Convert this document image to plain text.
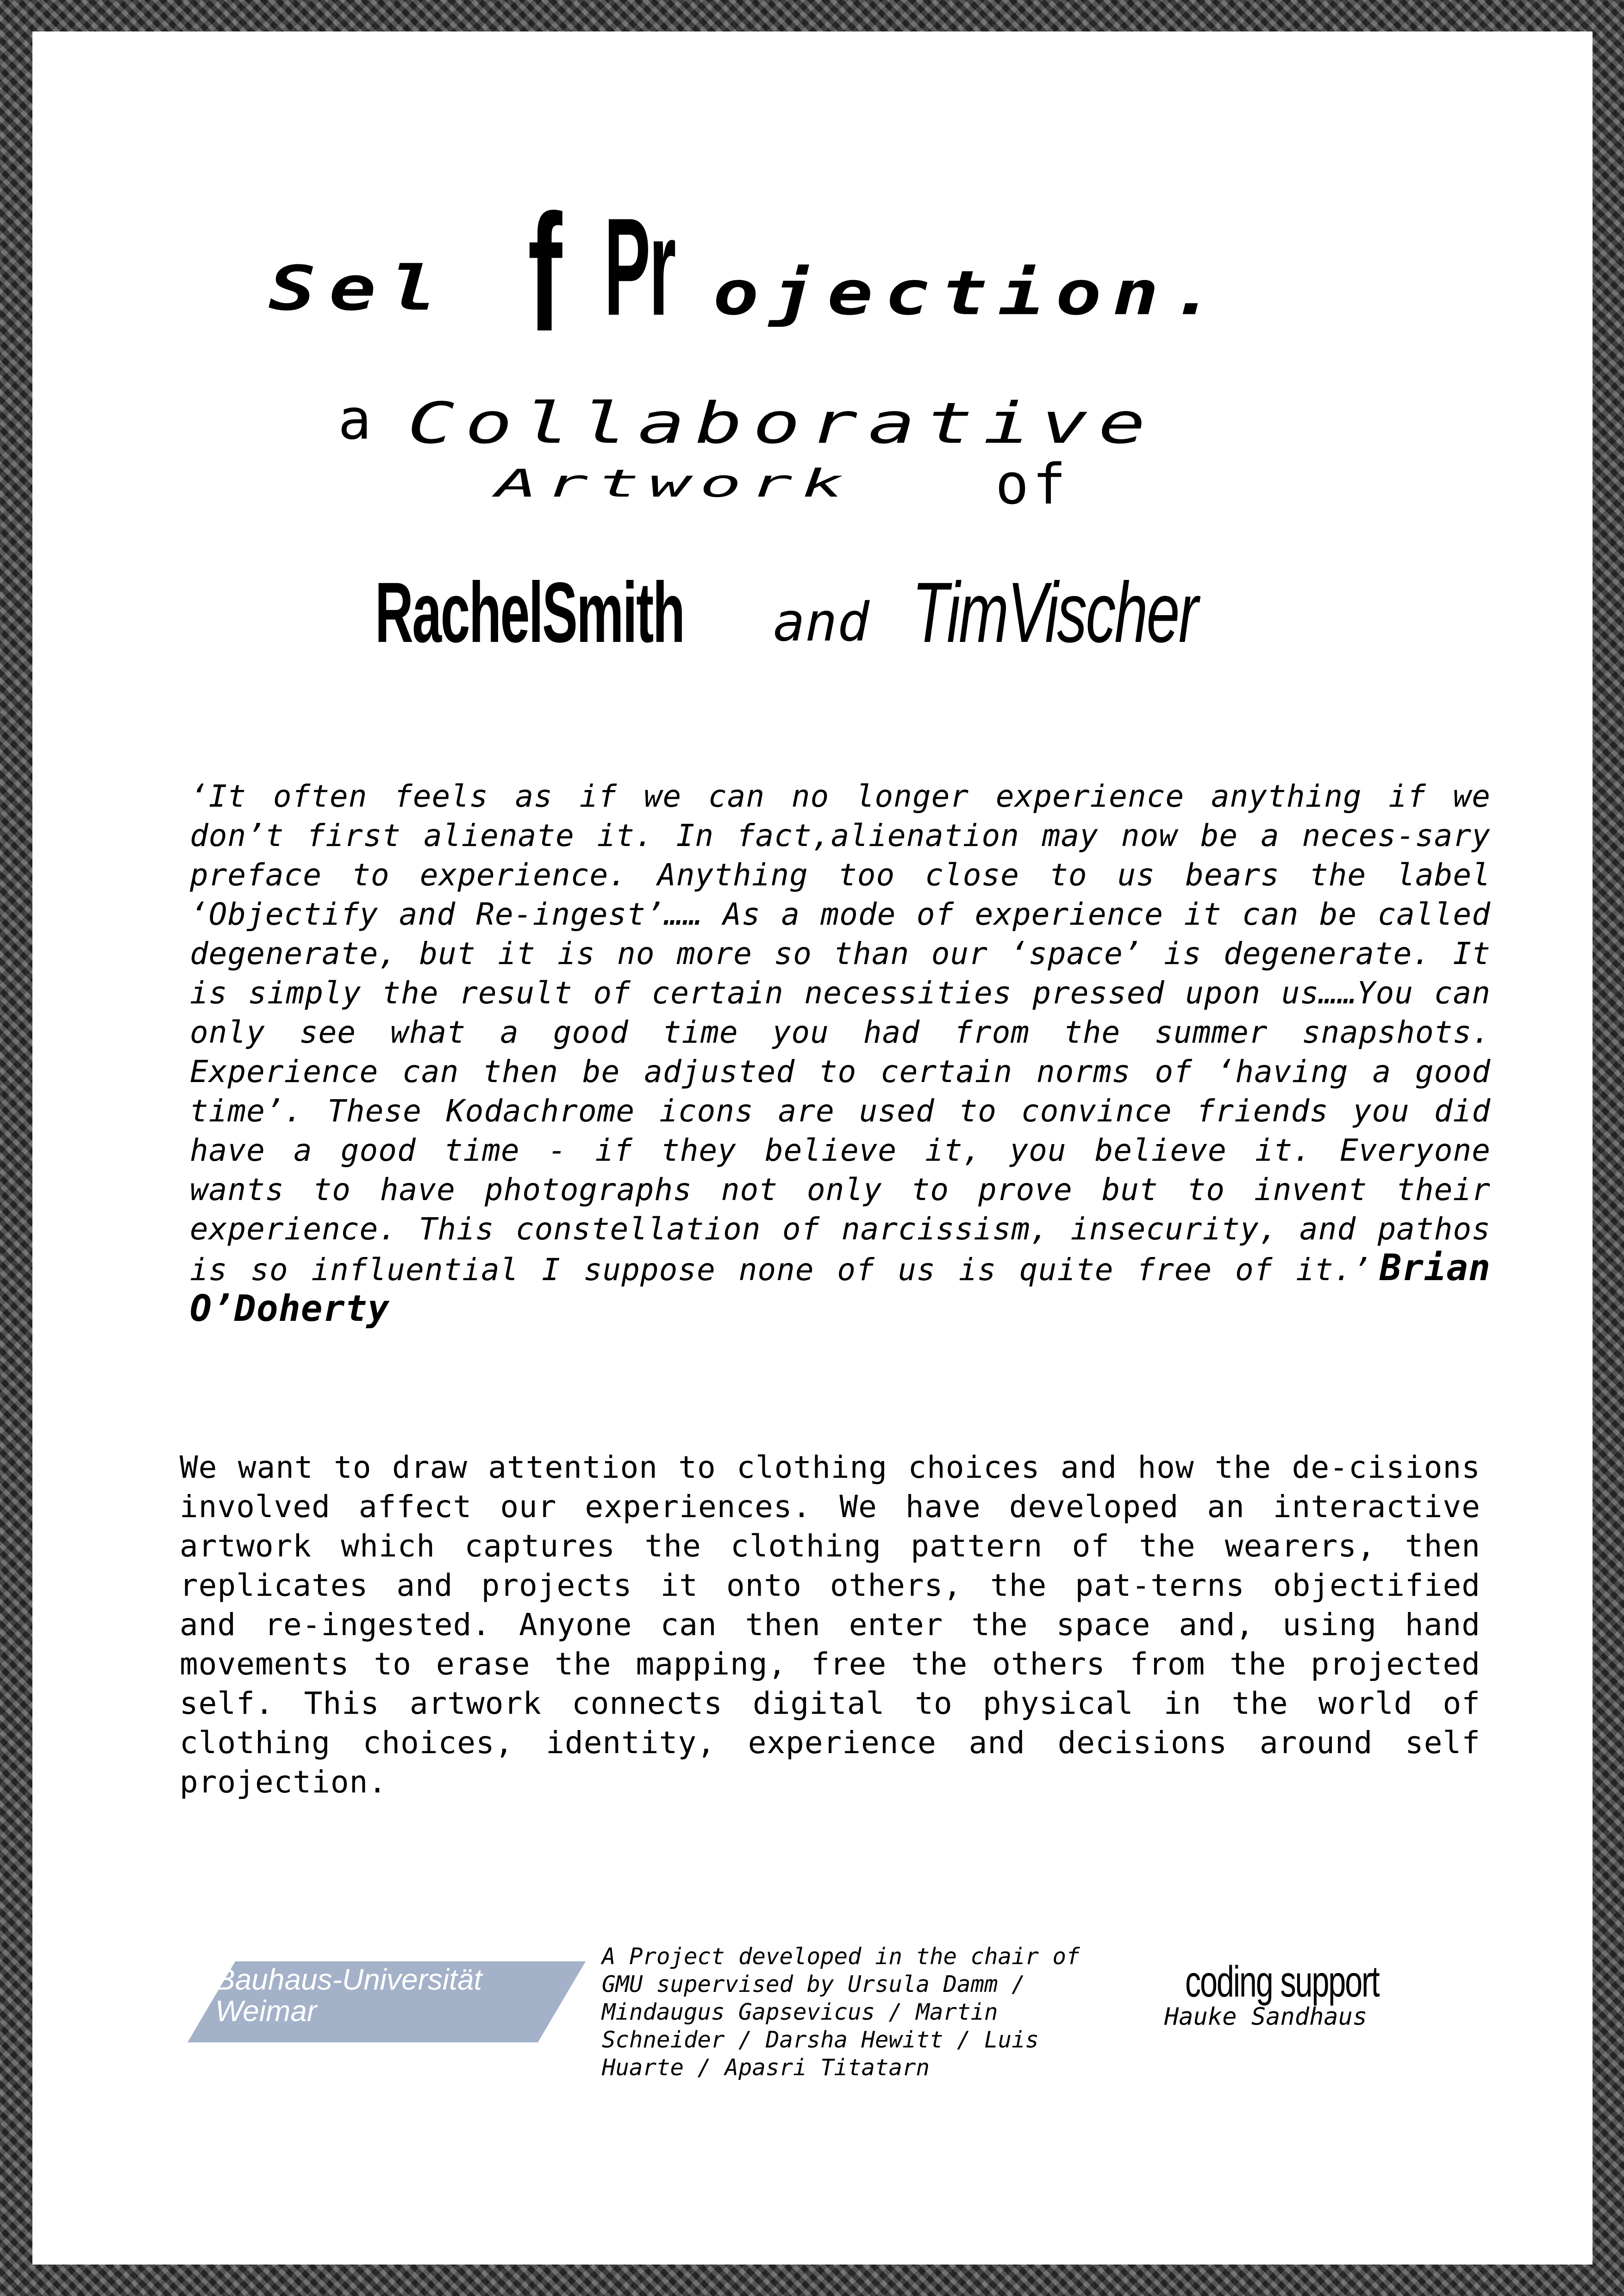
Sel f Pr ojection.
a Collaborative
Artwork	of
RachelSmith and TimVischer
‘It often feels as if we can no longer experience anything if we don’t first alienate it. In fact,alienation may now be a neces-sary preface to experience. Anything too close to us bears the label ‘Objectify and Re-ingest’…… As a mode of experience it can be called degenerate, but it is no more so than our ‘space’ is degenerate. It is simply the result of certain necessities pressed upon us……You can only see what a good time you had from the summer snapshots. Experience can then be adjusted to certain norms of ‘having a good time’. These Kodachrome icons are used to convince friends you did have a good time - if they believe it, you believe it. Everyone wants to have photographs not only to prove but to invent their experience. This constellation of narcissism, insecurity, and pathos is so influential I suppose none of us is quite free of it.’ Brian O’Doherty
We want to draw attention to clothing choices and how the de-cisions involved affect our experiences. We have developed an interactive artwork which captures the clothing pattern of the wearers, then replicates and projects it onto others, the pat-terns objectified and re-ingested. Anyone can then enter the space and, using hand movements to erase the mapping, free the others from the projected self. This artwork connects digital to physical in the world of clothing choices, identity, experience and decisions around self projection.
Bauhaus-Universität
Weimar
A Project developed in the chair of GMU supervised by Ursula Damm / Mindaugus Gapsevicus / Martin Schneider / Darsha Hewitt / Luis Huarte / Apasri Titatarn
coding support
Hauke Sandhaus
